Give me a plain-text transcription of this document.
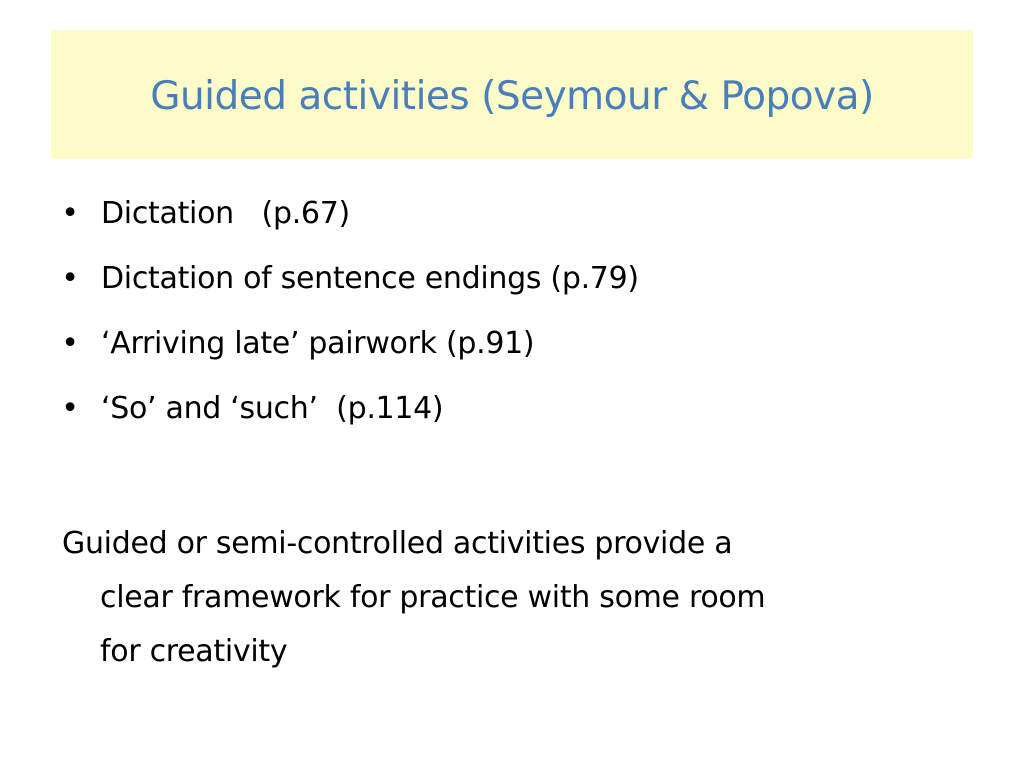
Guided activities (Seymour & Popova)
• Dictation   (p.67)
• Dictation of sentence endings (p.79)
• ‘Arriving late’ pairwork (p.91)
• ‘So’ and ‘such’  (p.114)

Guided or semi-controlled activities provide a
clear framework for practice with some room
for creativity
